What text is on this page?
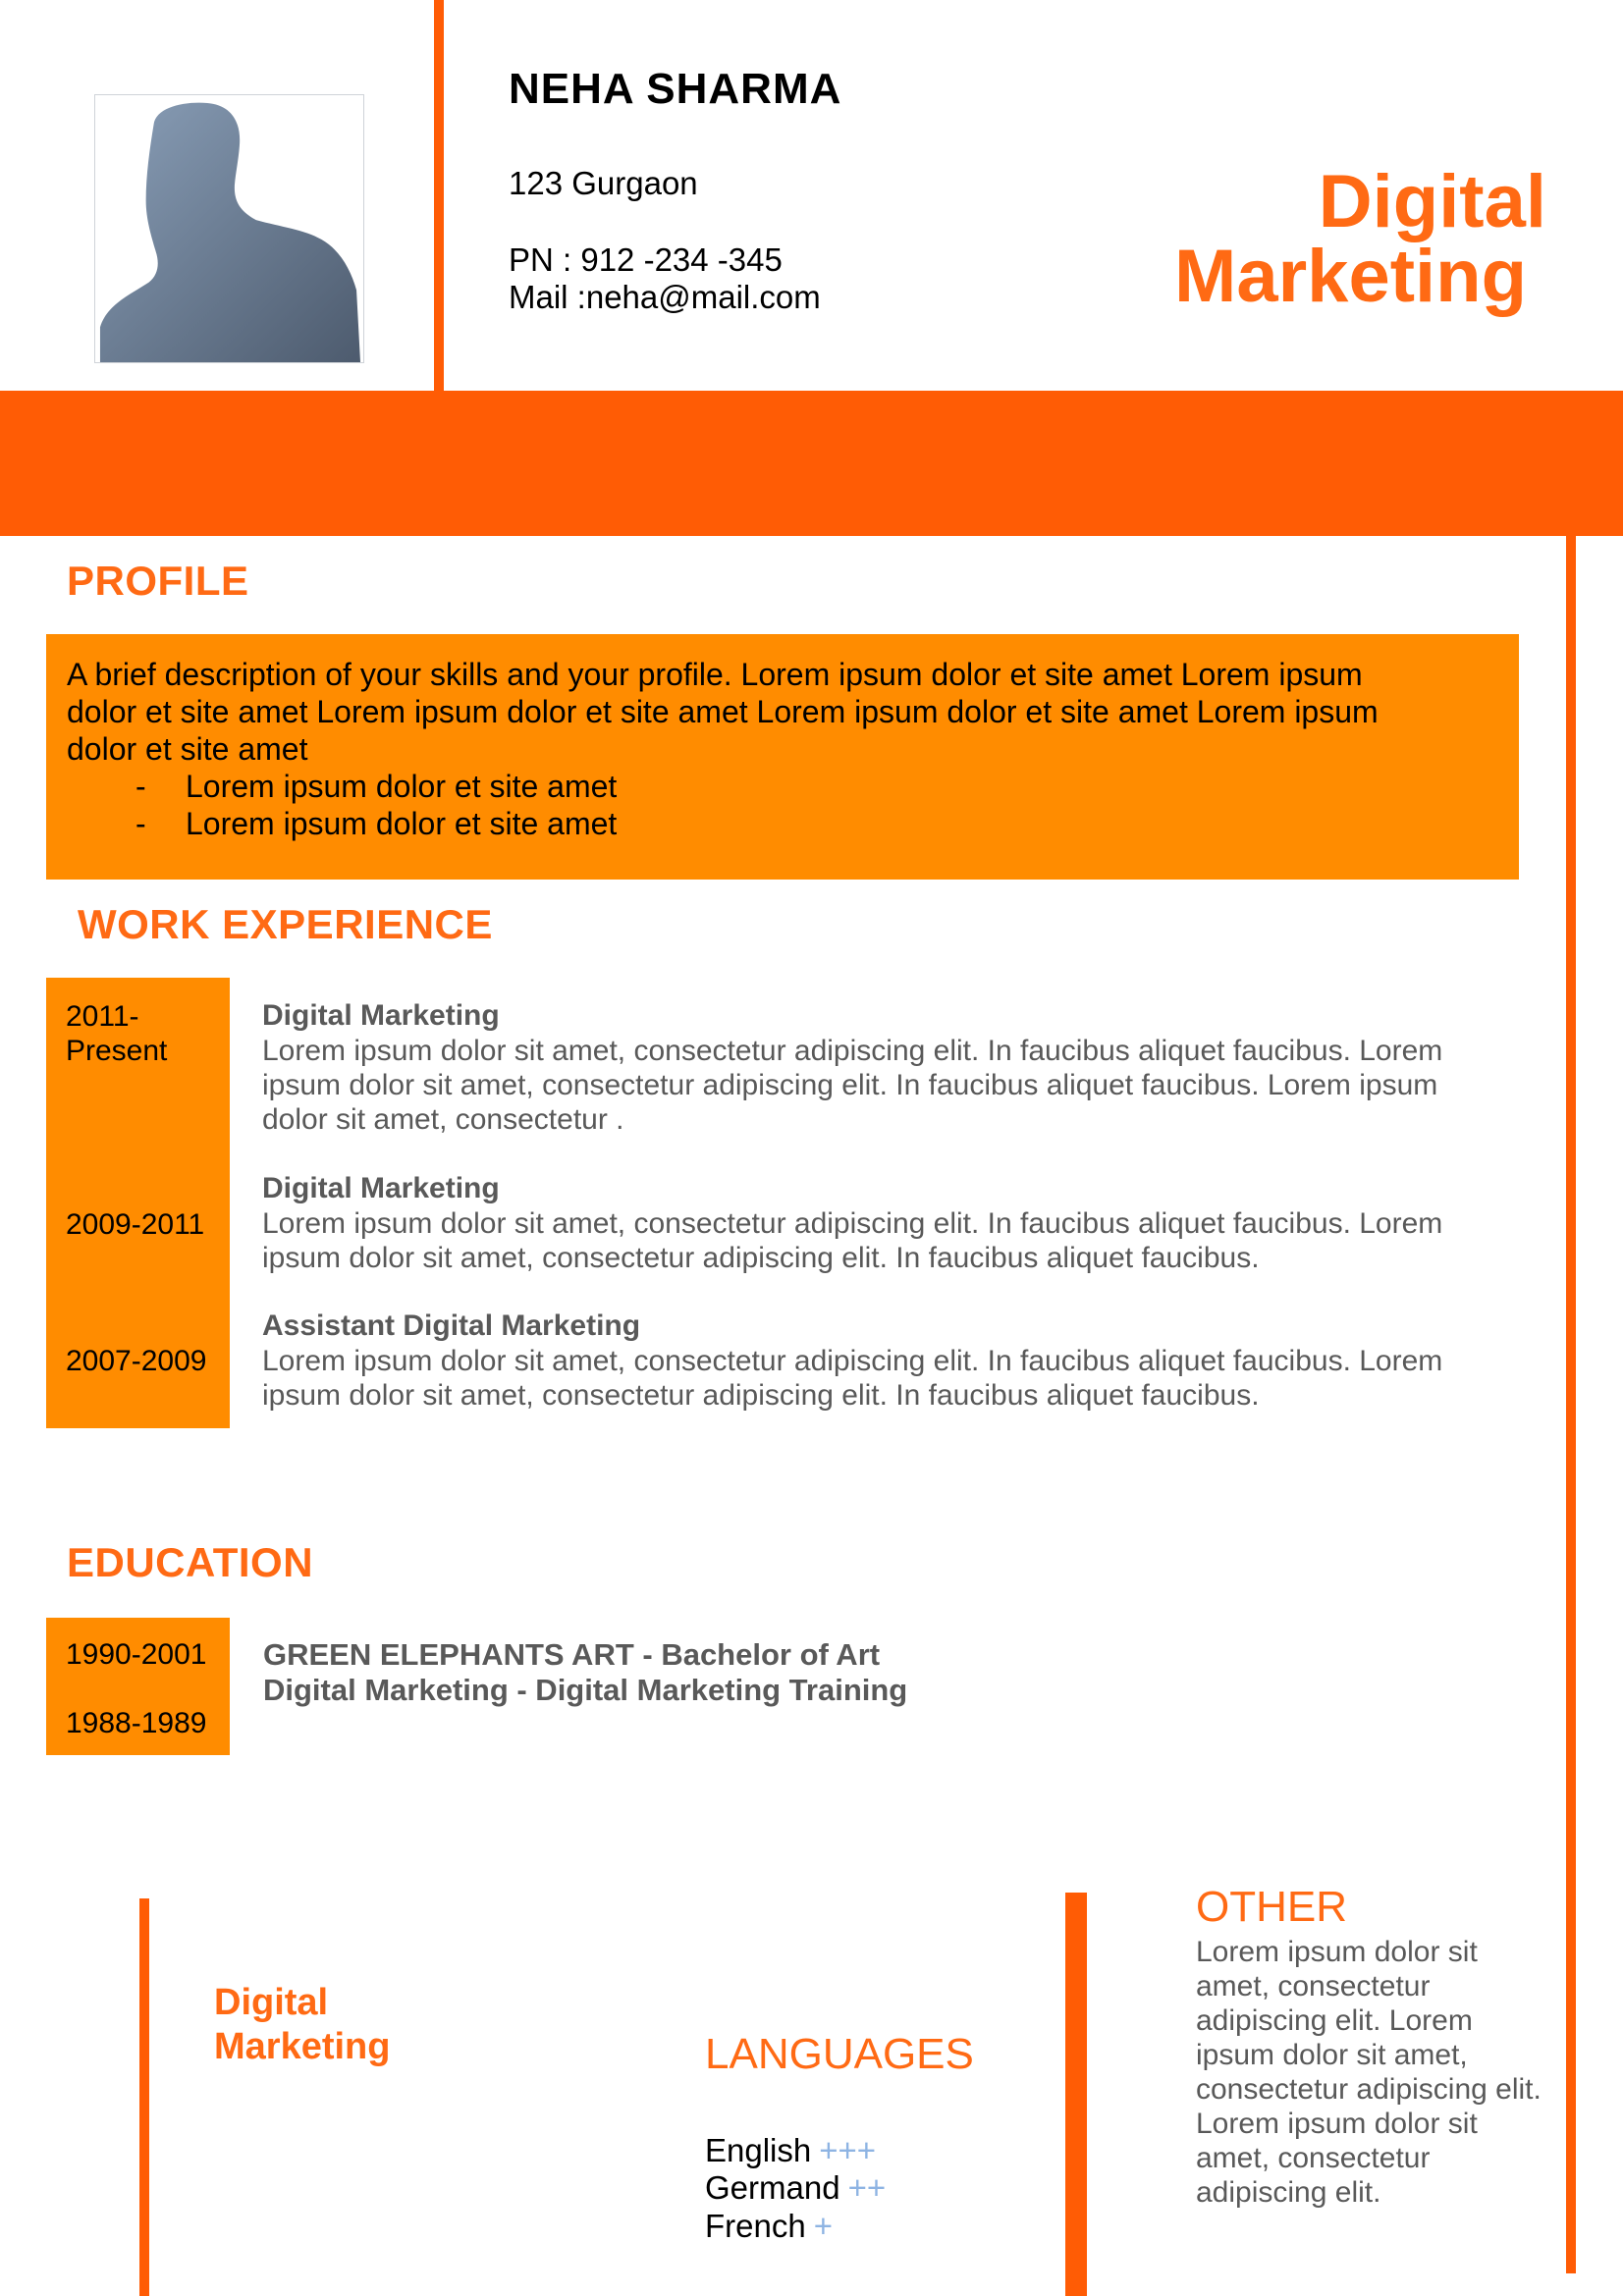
NEHA SHARMA
123 Gurgaon
PN : 912 -234 -345
Mail :neha@mail.com
Digital
Marketing
PROFILE
A brief description of your skills and your profile. Lorem ipsum dolor et site amet Lorem ipsum
dolor et site amet Lorem ipsum dolor et site amet Lorem ipsum dolor et site amet Lorem ipsum
dolor et site amet
- Lorem ipsum dolor et site amet
- Lorem ipsum dolor et site amet
WORK EXPERIENCE
2011-
Present
Digital Marketing
Lorem ipsum dolor sit amet, consectetur adipiscing elit. In faucibus aliquet faucibus. Lorem
ipsum dolor sit amet, consectetur adipiscing elit. In faucibus aliquet faucibus. Lorem ipsum
dolor sit amet, consectetur .
2009-2011
Digital Marketing
Lorem ipsum dolor sit amet, consectetur adipiscing elit. In faucibus aliquet faucibus. Lorem
ipsum dolor sit amet, consectetur adipiscing elit. In faucibus aliquet faucibus.
2007-2009
Assistant Digital Marketing
Lorem ipsum dolor sit amet, consectetur adipiscing elit. In faucibus aliquet faucibus. Lorem
ipsum dolor sit amet, consectetur adipiscing elit. In faucibus aliquet faucibus.
EDUCATION
1990-2001
1988-1989
GREEN ELEPHANTS ART - Bachelor of Art
Digital Marketing - Digital Marketing Training
Digital
Marketing	LANGUAGES
English +++
Germand ++
French +
OTHER
Lorem ipsum dolor sit
amet, consectetur
adipiscing elit. Lorem
ipsum dolor sit amet,
consectetur adipiscing elit.
Lorem ipsum dolor sit
amet, consectetur
adipiscing elit.
